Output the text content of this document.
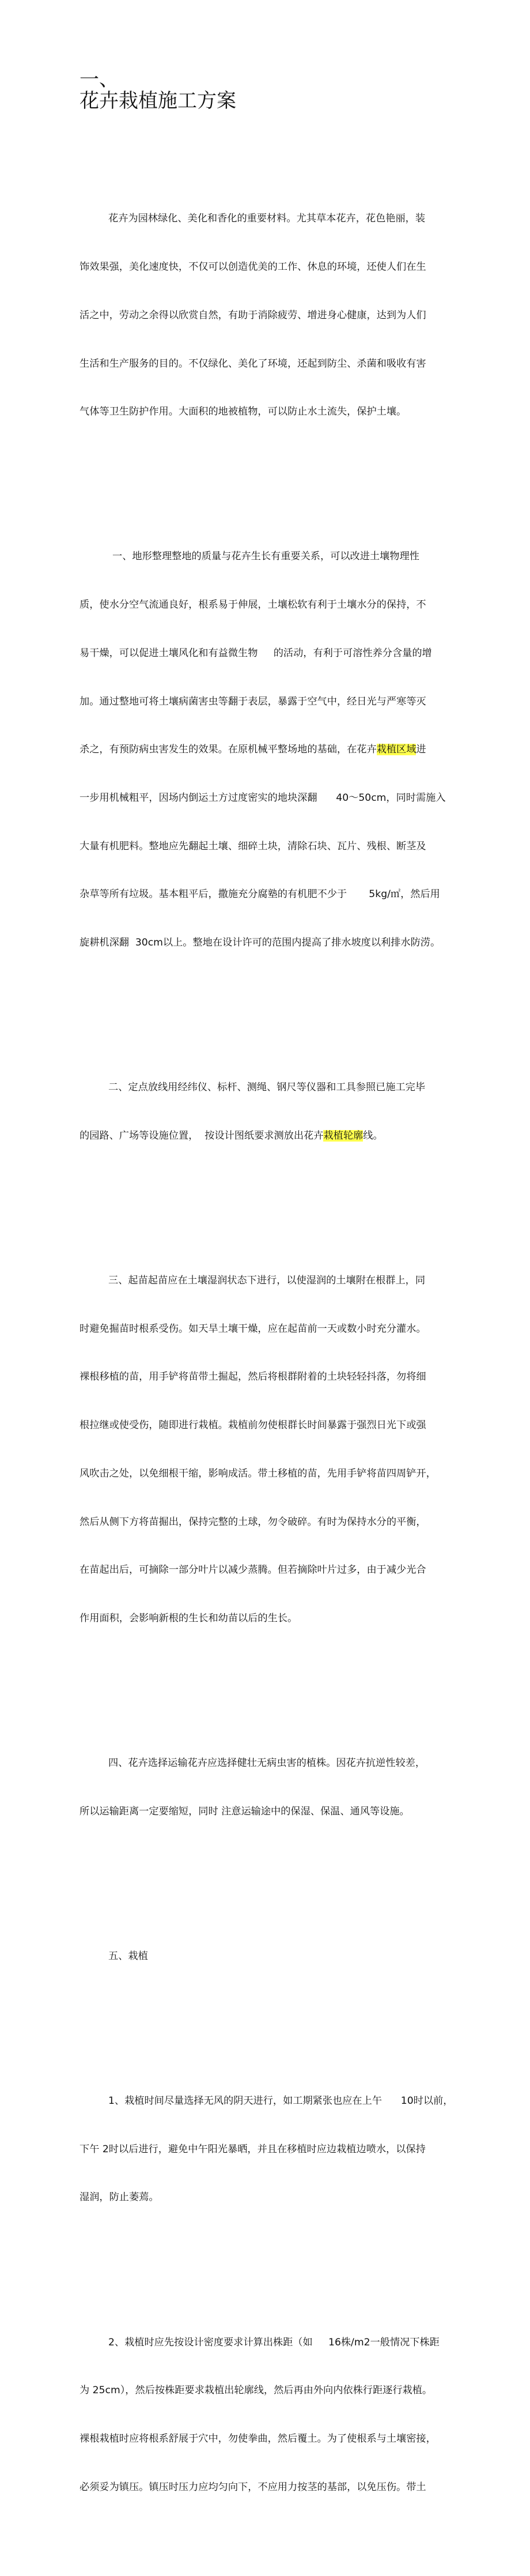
一、
花卉栽植施工方案

花卉为园林绿化、美化和香化的重要材料。尤其草本花卉，花色艳丽，装

饰效果强，美化速度快，不仅可以创造优美的工作、休息的环境，还使人们在生

活之中，劳动之余得以欣赏自然，有助于消除疲劳、增进身心健康，达到为人们

生活和生产服务的目的。不仅绿化、美化了环境，还起到防尘、杀菌和吸收有害

气体等卫生防护作用。大面积的地被植物，可以防止水土流失，保护土壤。

一、地形整理整地的质量与花卉生长有重要关系，可以改进土壤物理性

质，使水分空气流通良好，根系易于伸展，土壤松软有利于土壤水分的保持，不

易干燥，可以促进土壤风化和有益微生物     的活动，有利于可溶性养分含量的增

加。通过整地可将土壤病菌害虫等翻于表层，暴露于空气中，经日光与严寒等灭

杀之，有预防病虫害发生的效果。在原机械平整场地的基础，在花卉栽植区域进

一步用机械粗平，因场内倒运土方过度密实的地块深翻      40～50cm，同时需施入

大量有机肥料。整地应先翻起土壤、细碎土块，清除石块、瓦片、残根、断茎及

杂草等所有垃圾。基本粗平后，撒施充分腐塾的有机肥不少于       5kg/㎡，然后用

旋耕机深翻  30cm以上。整地在设计许可的范围内提高了排水坡度以利排水防涝。

二、定点放线用经纬仪、标杆、测绳、钢尺等仪器和工具参照已施工完毕

的园路、广场等设施位置，  按设计图纸要求测放出花卉栽植轮廓线。

三、起苗起苗应在土壤湿润状态下进行，以使湿润的土壤附在根群上，同

时避免掘苗时根系受伤。如天旱土壤干燥，应在起苗前一天或数小时充分灌水。

裸根移植的苗，用手铲将苗带土掘起，然后将根群附着的土块轻轻抖落，勿将细

根拉继或使受伤，随即进行栽植。栽植前勿使根群长时间暴露于强烈日光下或强

风吹击之处，以免细根干缩，影响成活。带土移植的苗，先用手铲将苗四周铲开，

然后从侧下方将苗掘出，保持完整的土球，勿令破碎。有时为保持水分的平衡，

在苗起出后，可摘除一部分叶片以减少蒸腾。但若摘除叶片过多，由于减少光合

作用面积，会影响新根的生长和幼苗以后的生长。

四、花卉选择运输花卉应选择健壮无病虫害的植株。因花卉抗逆性较差，

所以运输距离一定要缩短，同时 注意运输途中的保湿、保温、通风等设施。

五、栽植

1、栽植时间尽量选择无风的阴天进行，如工期紧张也应在上午      10时以前，

下午 2时以后进行，避免中午阳光暴晒，并且在移植时应边栽植边喷水，以保持

湿润，防止萎蔫。

2、栽植时应先按设计密度要求计算出株距（如     16株/m2一般情况下株距

为 25cm），然后按株距要求栽植出轮廓线，然后再由外向内依株行距逐行栽植。

裸根栽植时应将根系舒展于穴中，勿使拳曲，然后覆土。为了使根系与土壤密接，

必须妥为镇压。镇压时压力应均匀向下，不应用力按茎的基部，以免压伤。带土
